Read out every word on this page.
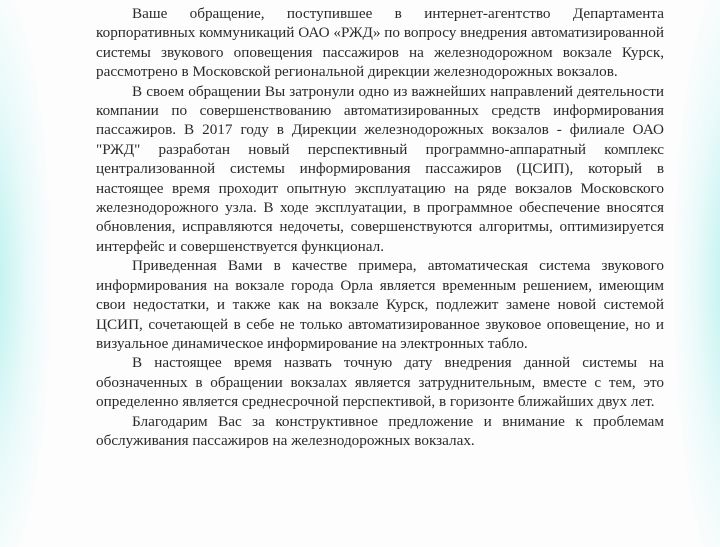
Ваше обращение, поступившее в интернет-агентство Департамента корпоративных коммуникаций ОАО «РЖД» по вопросу внедрения автоматизированной системы звукового оповещения пассажиров на железнодорожном вокзале Курск, рассмотрено в Московской региональной дирекции железнодорожных вокзалов.

В своем обращении Вы затронули одно из важнейших направлений деятельности компании по совершенствованию автоматизированных средств информирования пассажиров. В 2017 году в Дирекции железнодорожных вокзалов - филиале ОАО "РЖД" разработан новый перспективный программно-аппаратный комплекс централизованной системы информирования пассажиров (ЦСИП), который в настоящее время проходит опытную эксплуатацию на ряде вокзалов Московского железнодорожного узла. В ходе эксплуатации, в программное обеспечение вносятся обновления, исправляются недочеты, совершенствуются алгоритмы, оптимизируется интерфейс и совершенствуется функционал.

Приведенная Вами в качестве примера, автоматическая система звукового информирования на вокзале города Орла является временным решением, имеющим свои недостатки, и также как на вокзале Курск, подлежит замене новой системой ЦСИП, сочетающей в себе не только автоматизированное звуковое оповещение, но и визуальное динамическое информирование на электронных табло.

В настоящее время назвать точную дату внедрения данной системы на обозначенных в обращении вокзалах является затруднительным, вместе с тем, это определенно является среднесрочной перспективой, в горизонте ближайших двух лет.

Благодарим Вас за конструктивное предложение и внимание к проблемам обслуживания пассажиров на железнодорожных вокзалах.
